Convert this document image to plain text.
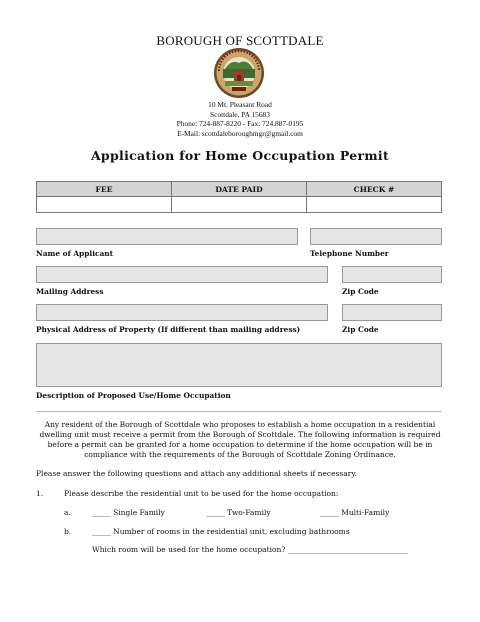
BOROUGH OF SCOTTDALE
10 Mt. Pleasant Road
Scottdale, PA 15683
Phone: 724-887-8220 - Fax: 724.887-0195
E-Mail: scottdaleboroughmgr@gmail.com
Application for Home Occupation Permit
FEE	DATE PAID	CHECK #

Name of Applicant	Telephone Number
Mailing Address	Zip Code
Physical Address of Property (If different than mailing address)	Zip Code
Description of Proposed Use/Home Occupation
Any resident of the Borough of Scottdale who proposes to establish a home occupation in a residential dwelling unit must receive a permit from the Borough of Scottdale. The following information is required before a permit can be granted for a home occupation to determine if the home occupation will be in compliance with the requirements of the Borough of Scottdale Zoning Ordinance.
Please answer the following questions and attach any additional sheets if necessary.
1.	Please describe the residential unit to be used for the home occupation:
a.	_____ Single Family	_____ Two-Family	_____ Multi-Family
b.	_____ Number of rooms in the residential unit, excluding bathrooms
Which room will be used for the home occupation? ________________________________
